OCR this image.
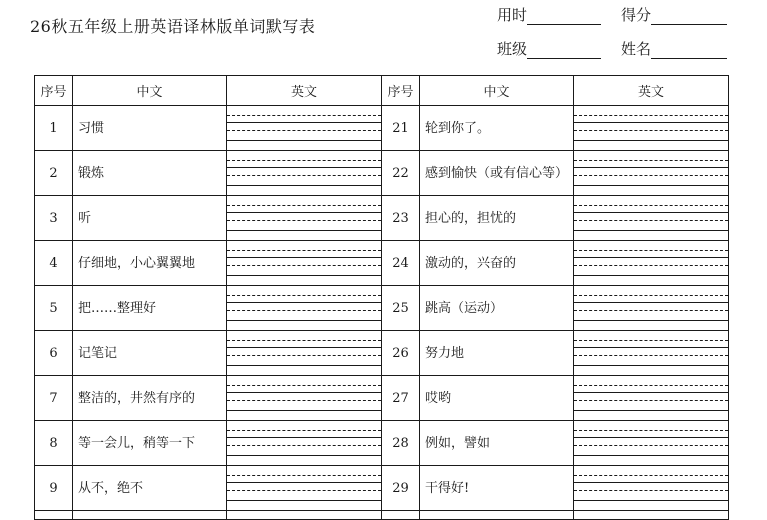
26秋五年级上册英语译林版单词默写表
用时	得分
班级	姓名
序号	中文	英文	序号	中文	英文
1	习惯		21	轮到你了。	

2	锻炼		22	感到愉快（或有信心等）	

3	听		23	担心的，担忧的	

4	仔细地，小心翼翼地		24	激动的，兴奋的	

5	把……整理好		25	跳高（运动）	

6	记笔记		26	努力地	

7	整洁的，井然有序的		27	哎哟	

8	等一会儿，稍等一下		28	例如，譬如	

9	从不，绝不		29	干得好!	
